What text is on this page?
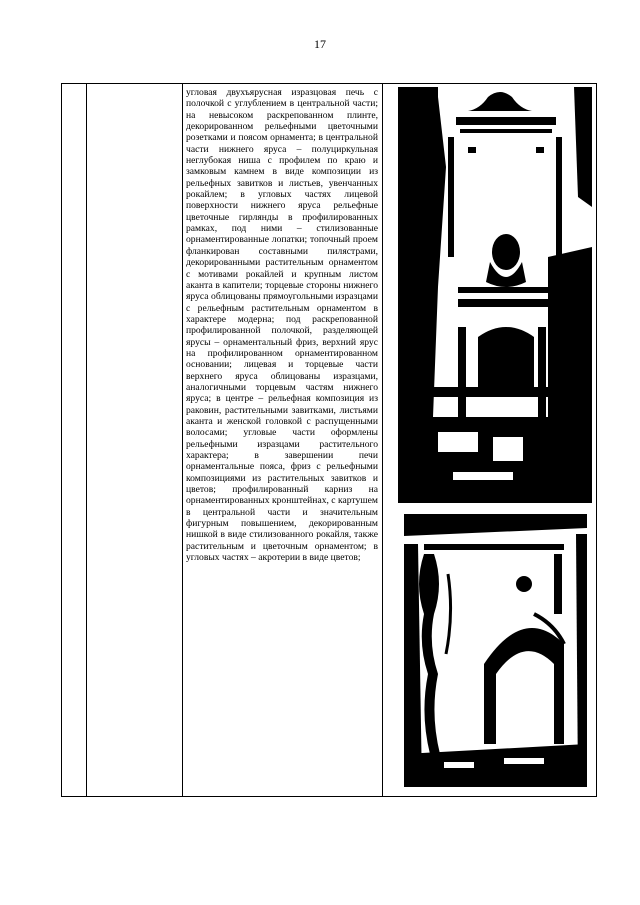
17
угловая двухъярусная изразцовая печь с полочкой с углублением в центральной части; на невысоком раскрепованном плинте, декорированном рельефными цветочными розетками и поясом орнамента; в центральной части нижнего яруса – полуциркульная неглубокая ниша с профилем по краю и замковым камнем в виде композиции из рельефных завитков и листьев, увенчанных рокайлем; в угловых частях лицевой поверхности нижнего яруса рельефные цветочные гирлянды в профилированных рамках, под ними – стилизованные орнаментированные лопатки; топочный проем фланкирован составными пилястрами, декорированными растительным орнаментом с мотивами рокайлей и крупным листом аканта в капители; торцевые стороны нижнего яруса облицованы прямоугольными изразцами с рельефным растительным орнаментом в характере модерна; под раскрепованной профилированной полочкой, разделяющей ярусы – орнаментальный фриз, верхний ярус на профилированном орнаментированном основании; лицевая и торцевые части верхнего яруса облицованы изразцами, аналогичными торцевым частям нижнего яруса; в центре – рельефная композиция из раковин, растительными завитками, листьями аканта и женской головкой с распущенными волосами; угловые части оформлены рельефными изразцами растительного характера; в завершении печи орнаментальные пояса, фриз с рельефными композициями из растительных завитков и цветов; профилированный карниз на орнаментированных кронштейнах, с картушем в центральной части и значительным фигурным повышением, декорированным нишкой в виде стилизованного рокайля, также растительным и цветочным орнаментом; в угловых частях – акротерии в виде цветов;
